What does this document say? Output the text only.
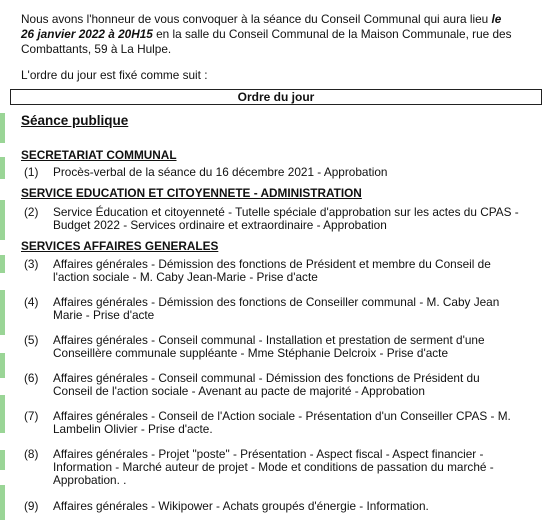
Nous avons l'honneur de vous convoquer à la séance du Conseil Communal qui aura lieu le 26 janvier 2022 à 20H15 en la salle du Conseil Communal de la Maison Communale, rue des Combattants, 59 à La Hulpe.
L'ordre du jour est fixé comme suit :
Ordre du jour
Séance publique
SECRETARIAT COMMUNAL
(1) Procès-verbal de la séance du 16 décembre 2021 - Approbation
SERVICE EDUCATION ET CITOYENNETE - ADMINISTRATION
(2) Service Éducation et citoyenneté - Tutelle spéciale d'approbation sur les actes du CPAS - Budget 2022 - Services ordinaire et extraordinaire - Approbation
SERVICES AFFAIRES GENERALES
(3) Affaires générales - Démission des fonctions de Président et membre du Conseil de l'action sociale - M. Caby Jean-Marie - Prise d'acte
(4) Affaires générales - Démission des fonctions de Conseiller communal - M. Caby Jean Marie - Prise d'acte
(5) Affaires générales - Conseil communal - Installation et prestation de serment d'une Conseillère communale suppléante - Mme Stéphanie Delcroix - Prise d'acte
(6) Affaires générales - Conseil communal - Démission des fonctions de Président du Conseil de l'action sociale - Avenant au pacte de majorité - Approbation
(7) Affaires générales - Conseil de l'Action sociale - Présentation d'un Conseiller CPAS - M. Lambelin Olivier - Prise d'acte.
(8) Affaires générales - Projet "poste" - Présentation - Aspect fiscal - Aspect financier - Information - Marché auteur de projet - Mode et conditions de passation du marché - Approbation. .
(9) Affaires générales - Wikipower - Achats groupés d'énergie - Information.
